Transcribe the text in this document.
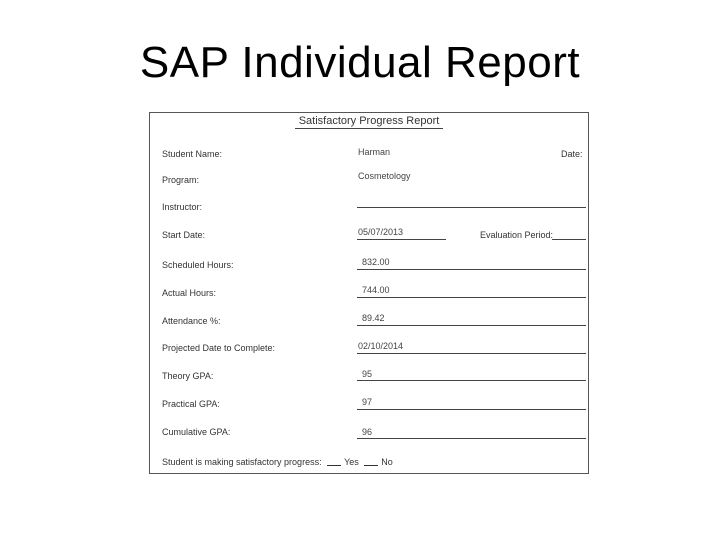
SAP Individual Report
Satisfactory Progress Report
Student Name:	Harman	Date:
Program:	Cosmetology
Instructor:
Start Date:	05/07/2013	Evaluation Period:
Scheduled Hours:	832.00
Actual Hours:	744.00
Attendance %:	89.42
Projected Date to Complete:	02/10/2014
Theory GPA:	95
Practical GPA:	97
Cumulative GPA:	96
Student is making satisfactory progress:	Yes	No
